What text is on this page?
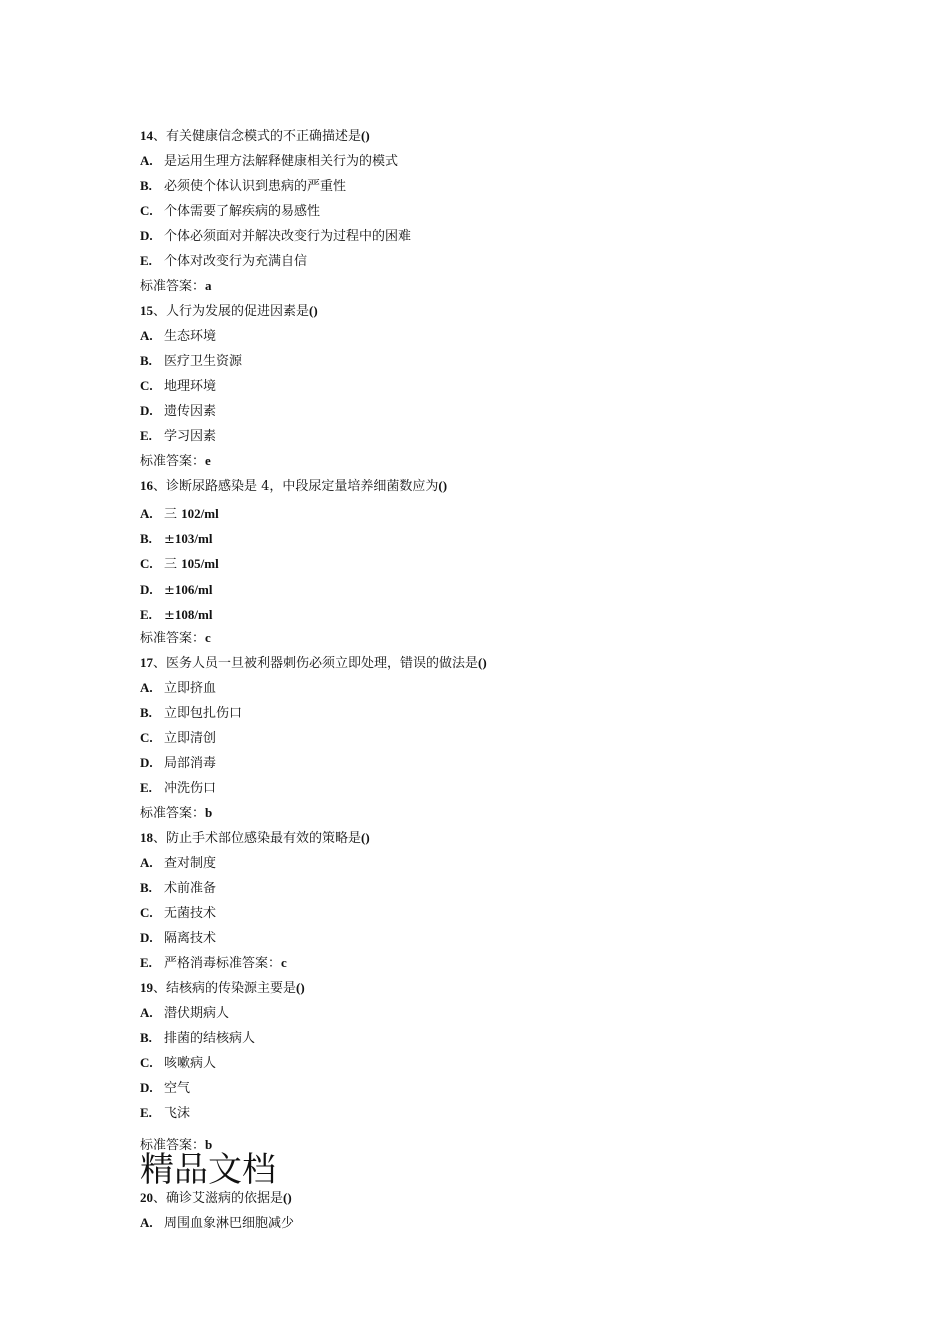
14、有关健康信念模式的不正确描述是()
A. 是运用生理方法解释健康相关行为的模式
B. 必须使个体认识到患病的严重性
C. 个体需要了解疾病的易感性
D. 个体必须面对并解决改变行为过程中的困难
E. 个体对改变行为充满自信
标准答案：a
15、人行为发展的促进因素是()
A. 生态环境
B. 医疗卫生资源
C. 地理环境
D. 遗传因素
E. 学习因素
标准答案：e
16、诊断尿路感染是 4，中段尿定量培养细菌数应为()
A. 三 102/ml
B. ±103/ml
C. 三 105/ml
D. ±106/ml
E. ±108/ml
标准答案：c
17、医务人员一旦被利器刺伤必须立即处理，错误的做法是()
A. 立即挤血
B. 立即包扎伤口
C. 立即清创
D. 局部消毒
E. 冲洗伤口
标准答案：b
18、防止手术部位感染最有效的策略是()
A. 查对制度
B. 术前准备
C. 无菌技术
D. 隔离技术
E. 严格消毒标准答案：c
19、结核病的传染源主要是()
A. 潜伏期病人
B. 排菌的结核病人
C. 咳嗽病人
D. 空气
E. 飞沫
标准答案：b
20、确诊艾滋病的依据是()
A. 周围血象淋巴细胞减少
精品文档
